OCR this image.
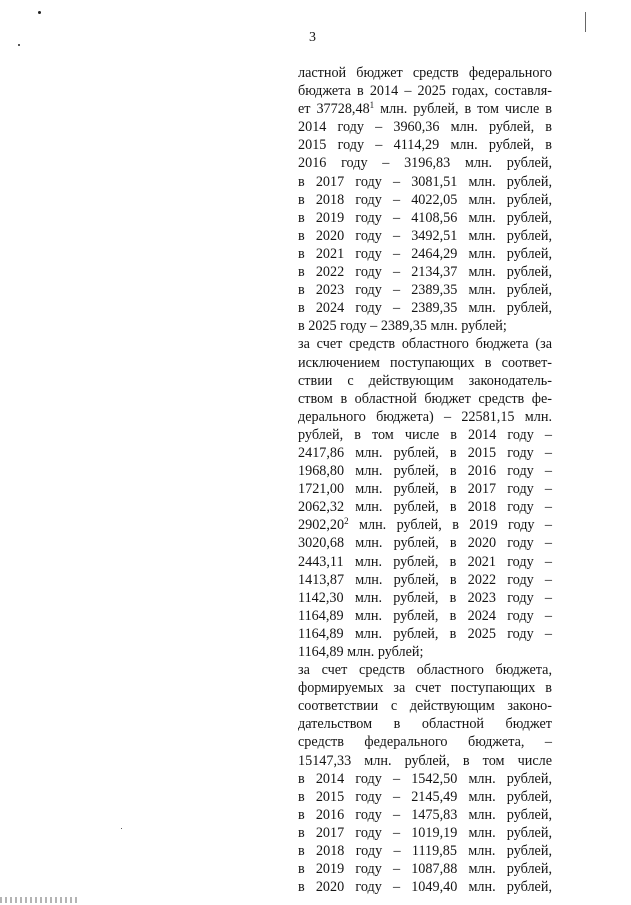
3

ластной бюджет средств федерального
бюджета в 2014 – 2025 годах, составля-
ет 37728,48$^1$ млн. рублей, в том числе в
2014 году – 3960,36 млн. рублей, в
2015 году – 4114,29 млн. рублей, в
2016 году – 3196,83 млн. рублей,
в 2017 году – 3081,51 млн. рублей,
в 2018 году – 4022,05 млн. рублей,
в 2019 году – 4108,56 млн. рублей,
в 2020 году – 3492,51 млн. рублей,
в 2021 году – 2464,29 млн. рублей,
в 2022 году – 2134,37 млн. рублей,
в 2023 году – 2389,35 млн. рублей,
в 2024 году – 2389,35 млн. рублей,
в 2025 году – 2389,35 млн. рублей;
за счет средств областного бюджета (за
исключением поступающих в соответ-
ствии с действующим законодатель-
ством в областной бюджет средств фе-
дерального бюджета) – 22581,15 млн.
рублей, в том числе в 2014 году –
2417,86 млн. рублей, в 2015 году –
1968,80 млн. рублей, в 2016 году –
1721,00 млн. рублей, в 2017 году –
2062,32 млн. рублей, в 2018 году –
2902,20$^2$ млн. рублей, в 2019 году –
3020,68 млн. рублей, в 2020 году –
2443,11 млн. рублей, в 2021 году –
1413,87 млн. рублей, в 2022 году –
1142,30 млн. рублей, в 2023 году –
1164,89 млн. рублей, в 2024 году –
1164,89 млн. рублей, в 2025 году –
1164,89 млн. рублей;
за счет средств областного бюджета,
формируемых за счет поступающих в
соответствии с действующим законо-
дательством в областной бюджет
средств федерального бюджета, –
15147,33 млн. рублей, в том числе
в 2014 году – 1542,50 млн. рублей,
в 2015 году – 2145,49 млн. рублей,
в 2016 году – 1475,83 млн. рублей,
в 2017 году – 1019,19 млн. рублей,
в 2018 году – 1119,85 млн. рублей,
в 2019 году – 1087,88 млн. рублей,
в 2020 году – 1049,40 млн. рублей,
